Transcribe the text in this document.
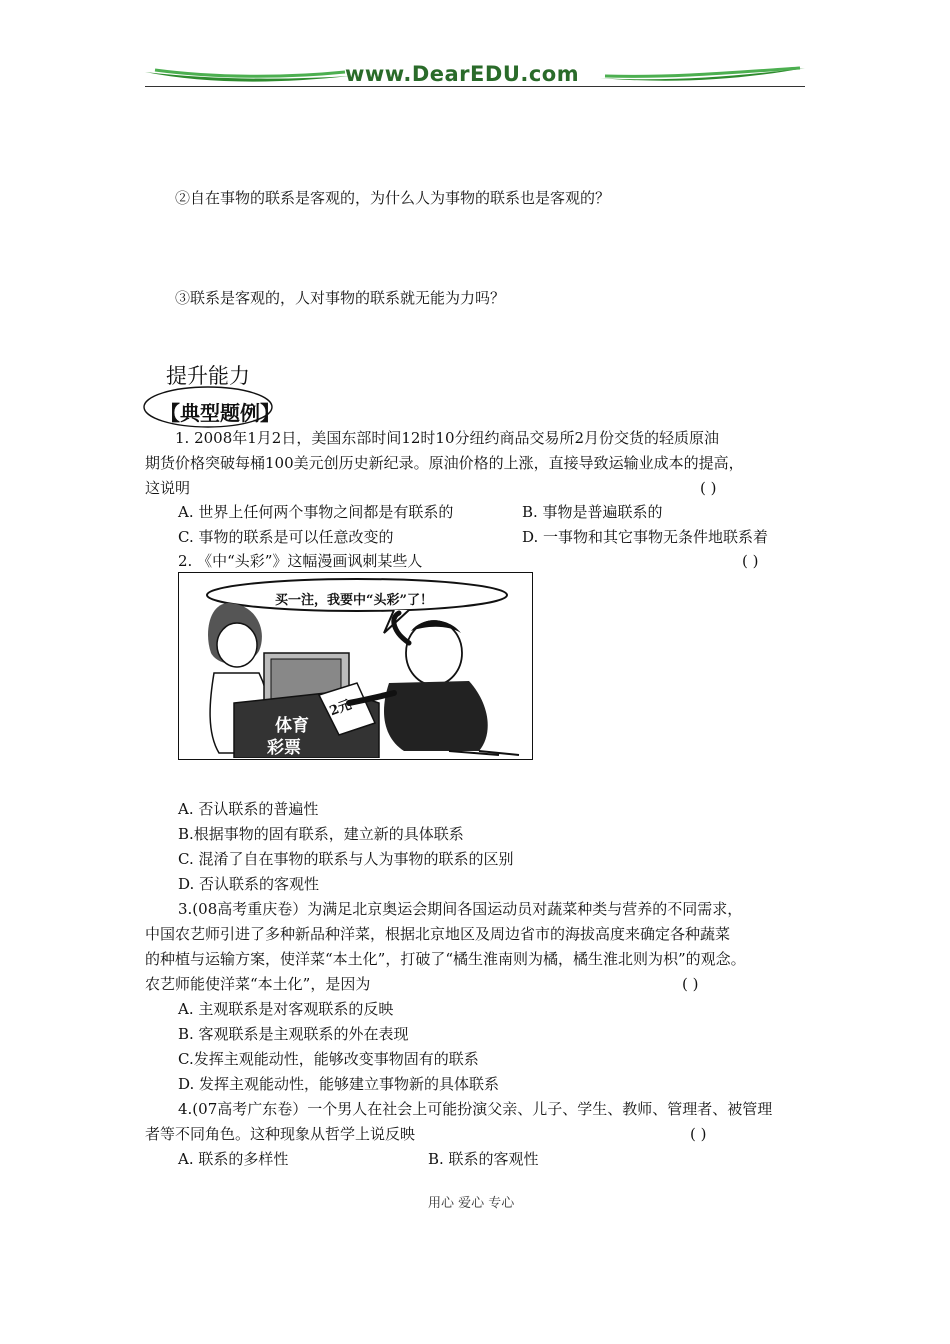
www.DearEDU.com
②自在事物的联系是客观的，为什么人为事物的联系也是客观的？
③联系是客观的，人对事物的联系就无能为力吗？
提升能力
【典型题例】
1. 2008年1月2日，美国东部时间12时10分纽约商品交易所2月份交货的轻质原油
期货价格突破每桶100美元创历史新纪录。原油价格的上涨，直接导致运输业成本的提高，
这说明	( )
A. 世界上任何两个事物之间都是有联系的	B. 事物是普遍联系的
C. 事物的联系是可以任意改变的	D. 一事物和其它事物无条件地联系着
2. 《中“头彩”》这幅漫画讽刺某些人	( )
买一注，我要中“头彩”了！
体育
彩票
2元
A. 否认联系的普遍性
B.根据事物的固有联系，建立新的具体联系
C. 混淆了自在事物的联系与人为事物的联系的区别
D. 否认联系的客观性
3.(08高考重庆卷）为满足北京奥运会期间各国运动员对蔬菜种类与营养的不同需求，
中国农艺师引进了多种新品种洋菜，根据北京地区及周边省市的海拔高度来确定各种蔬菜
的种植与运输方案，使洋菜“本土化”，打破了“橘生淮南则为橘，橘生淮北则为枳”的观念。
农艺师能使洋菜“本土化”，是因为	( )
A. 主观联系是对客观联系的反映
B. 客观联系是主观联系的外在表现
C.发挥主观能动性，能够改变事物固有的联系
D. 发挥主观能动性，能够建立事物新的具体联系
4.(07高考广东卷）一个男人在社会上可能扮演父亲、儿子、学生、教师、管理者、被管理
者等不同角色。这种现象从哲学上说反映	( )
A. 联系的多样性	B. 联系的客观性
用心 爱心 专心
